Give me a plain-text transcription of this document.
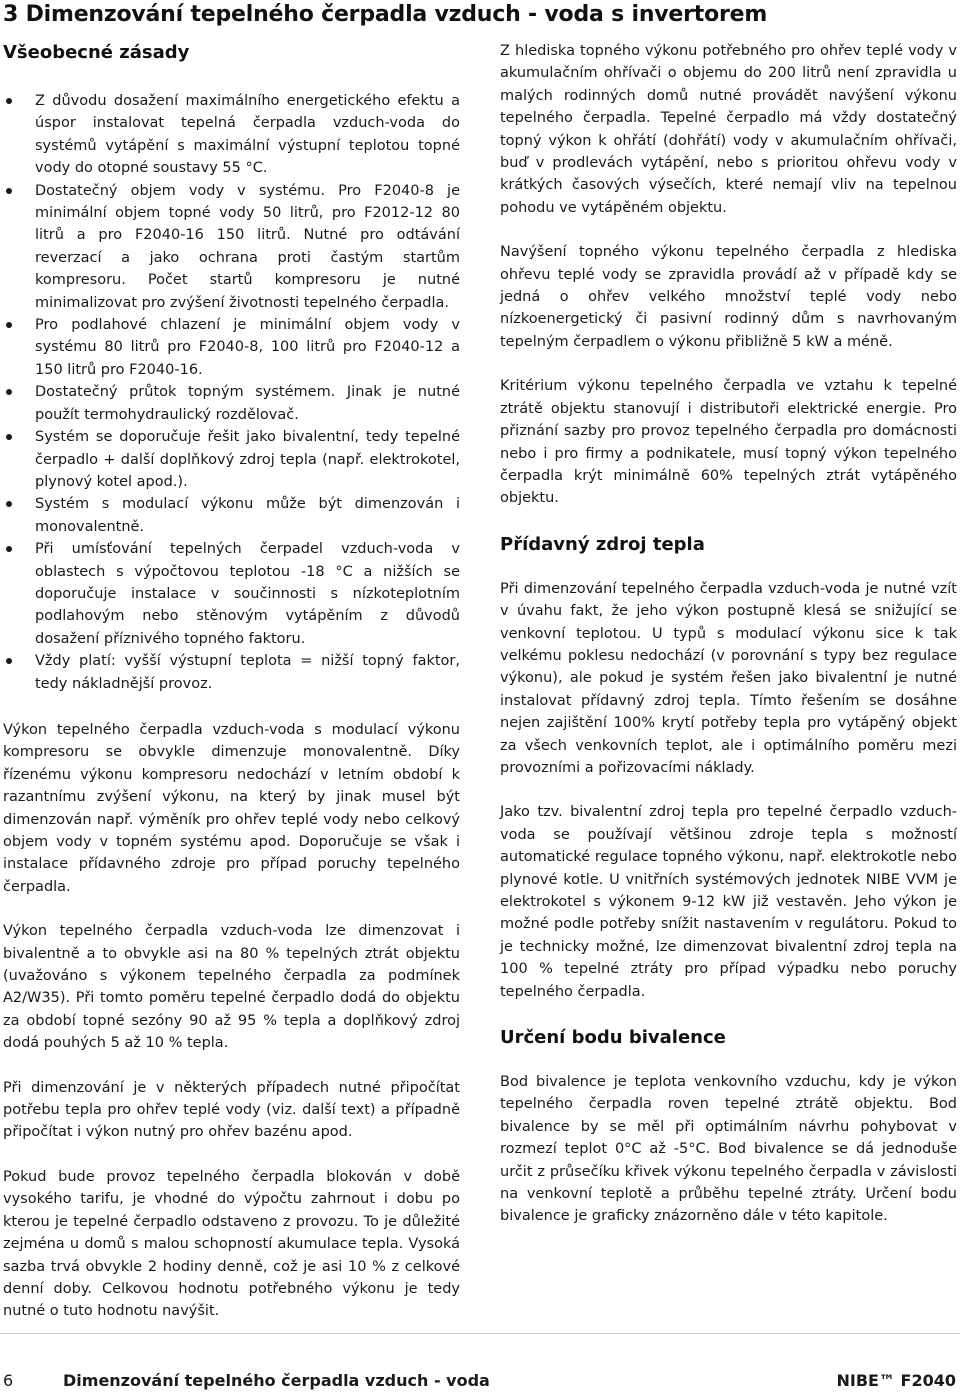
3 Dimenzování tepelného čerpadla vzduch - voda s invertorem
Všeobecné zásady
Z důvodu dosažení maximálního energetického efektu a úspor instalovat tepelná čerpadla vzduch-voda do systémů vytápění s maximální výstupní teplotou topné vody do otopné soustavy 55 °C.
Dostatečný objem vody v systému. Pro F2040-8 je minimální objem topné vody 50 litrů, pro F2012-12 80 litrů a pro F2040-16 150 litrů. Nutné pro odtávání reverzací a jako ochrana proti častým startům kompresoru. Počet startů kompresoru je nutné minimalizovat pro zvýšení životnosti tepelného čerpadla.
Pro podlahové chlazení je minimální objem vody v systému 80 litrů pro F2040-8, 100 litrů pro F2040-12 a 150 litrů pro F2040-16.
Dostatečný průtok topným systémem. Jinak je nutné použít termohydraulický rozdělovač.
Systém se doporučuje řešit jako bivalentní, tedy tepelné čerpadlo + další doplňkový zdroj tepla (např. elektrokotel, plynový kotel apod.).
Systém s modulací výkonu může být dimenzován i monovalentně.
Při umísťování tepelných čerpadel vzduch-voda v oblastech s výpočtovou teplotou -18 °C a nižších se doporučuje instalace v součinnosti s nízkoteplotním podlahovým nebo stěnovým vytápěním z důvodů dosažení příznivého topného faktoru.
Vždy platí: vyšší výstupní teplota = nižší topný faktor, tedy nákladnější provoz.

Výkon tepelného čerpadla vzduch-voda s modulací výkonu kompresoru se obvykle dimenzuje monovalentně. Díky řízenému výkonu kompresoru nedochází v letním období k razantnímu zvýšení výkonu, na který by jinak musel být dimenzován např. výměník pro ohřev teplé vody nebo celkový objem vody v topném systému apod. Doporučuje se však i instalace přídavného zdroje pro případ poruchy tepelného čerpadla.

Výkon tepelného čerpadla vzduch-voda lze dimenzovat i bivalentně a to obvykle asi na 80 % tepelných ztrát objektu (uvažováno s výkonem tepelného čerpadla za podmínek A2/W35). Při tomto poměru tepelné čerpadlo dodá do objektu za období topné sezóny 90 až 95 % tepla a doplňkový zdroj dodá pouhých 5 až 10 % tepla.

Při dimenzování je v některých případech nutné připočítat potřebu tepla pro ohřev teplé vody (viz. další text) a případně připočítat i výkon nutný pro ohřev bazénu apod.

Pokud bude provoz tepelného čerpadla blokován v době vysokého tarifu, je vhodné do výpočtu zahrnout i dobu po kterou je tepelné čerpadlo odstaveno z provozu. To je důležité zejména u domů s malou schopností akumulace tepla. Vysoká sazba trvá obvykle 2 hodiny denně, což je asi 10 % z celkové denní doby. Celkovou hodnotu potřebného výkonu je tedy nutné o tuto hodnotu navýšit.

Z hlediska topného výkonu potřebného pro ohřev teplé vody v akumulačním ohřívači o objemu do 200 litrů není zpravidla u malých rodinných domů nutné provádět navýšení výkonu tepelného čerpadla. Tepelné čerpadlo má vždy dostatečný topný výkon k ohřátí (dohřátí) vody v akumulačním ohřívači, buď v prodlevách vytápění, nebo s prioritou ohřevu vody v krátkých časových výsečích, které nemají vliv na tepelnou pohodu ve vytápěném objektu.

Navýšení topného výkonu tepelného čerpadla z hlediska ohřevu teplé vody se zpravidla provádí až v případě kdy se jedná o ohřev velkého množství teplé vody nebo nízkoenergetický či pasivní rodinný dům s navrhovaným tepelným čerpadlem o výkonu přibližně 5 kW a méně.

Kritérium výkonu tepelného čerpadla ve vztahu k tepelné ztrátě objektu stanovují i distributoři elektrické energie. Pro přiznání sazby pro provoz tepelného čerpadla pro domácnosti nebo i pro firmy a podnikatele, musí topný výkon tepelného čerpadla krýt minimálně 60% tepelných ztrát vytápěného objektu.

Přídavný zdroj tepla

Při dimenzování tepelného čerpadla vzduch-voda je nutné vzít v úvahu fakt, že jeho výkon postupně klesá se snižující se venkovní teplotou. U typů s modulací výkonu sice k tak velkému poklesu nedochází (v porovnání s typy bez regulace výkonu), ale pokud je systém řešen jako bivalentní je nutné instalovat přídavný zdroj tepla. Tímto řešením se dosáhne nejen zajištění 100% krytí potřeby tepla pro vytápěný objekt za všech venkovních teplot, ale i optimálního poměru mezi provozními a pořizovacími náklady.

Jako tzv. bivalentní zdroj tepla pro tepelné čerpadlo vzduch-voda se používají většinou zdroje tepla s možností automatické regulace topného výkonu, např. elektrokotle nebo plynové kotle. U vnitřních systémových jednotek NIBE VVM je elektrokotel s výkonem 9-12 kW již vestavěn. Jeho výkon je možné podle potřeby snížit nastavením v regulátoru. Pokud to je technicky možné, lze dimenzovat bivalentní zdroj tepla na 100 % tepelné ztráty pro případ výpadku nebo poruchy tepelného čerpadla.

Určení bodu bivalence

Bod bivalence je teplota venkovního vzduchu, kdy je výkon tepelného čerpadla roven tepelné ztrátě objektu. Bod bivalence by se měl při optimálním návrhu pohybovat v rozmezí teplot 0°C až -5°C. Bod bivalence se dá jednoduše určit z průsečíku křivek výkonu tepelného čerpadla v závislosti na venkovní teplotě a průběhu tepelné ztráty. Určení bodu bivalence je graficky znázorněno dále v této kapitole.

6	Dimenzování tepelného čerpadla vzduch - voda	NIBE™ F2040
